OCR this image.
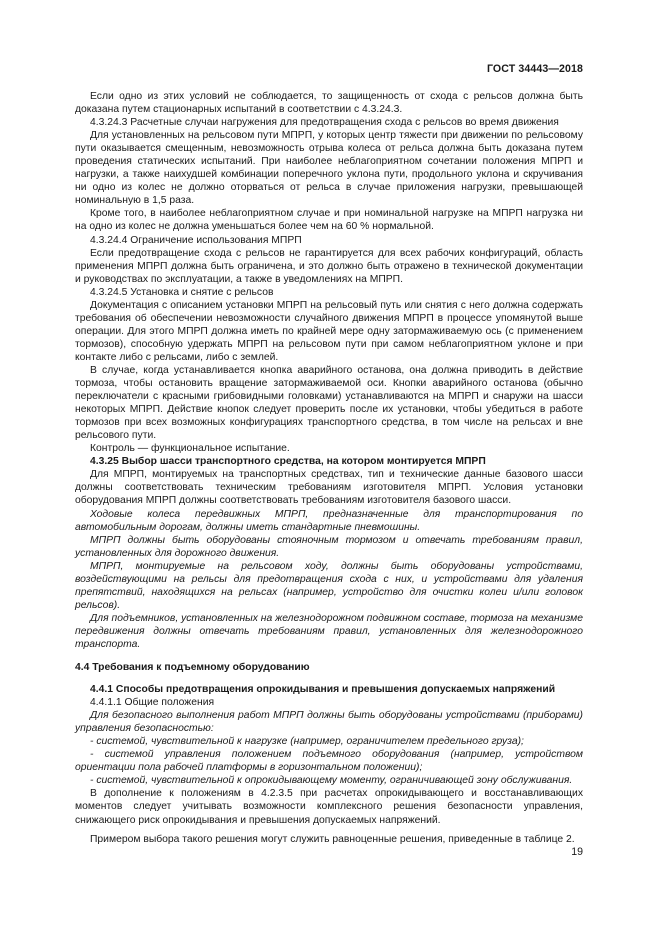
ГОСТ 34443—2018

Если одно из этих условий не соблюдается, то защищенность от схода с рельсов должна быть доказана путем стационарных испытаний в соответствии с 4.3.24.3.

4.3.24.3 Расчетные случаи нагружения для предотвращения схода с рельсов во время движения

Для установленных на рельсовом пути МПРП, у которых центр тяжести при движении по рельсовому пути оказывается смещенным, невозможность отрыва колеса от рельса должна быть доказана путем проведения статических испытаний. При наиболее неблагоприятном сочетании положения МПРП и нагрузки, а также наихудшей комбинации поперечного уклона пути, продольного уклона и скручивания ни одно из колес не должно оторваться от рельса в случае приложения нагрузки, превышающей номинальную в 1,5 раза.

Кроме того, в наиболее неблагоприятном случае и при номинальной нагрузке на МПРП нагрузка ни на одно из колес не должна уменьшаться более чем на 60 % нормальной.

4.3.24.4 Ограничение использования МПРП

Если предотвращение схода с рельсов не гарантируется для всех рабочих конфигураций, область применения МПРП должна быть ограничена, и это должно быть отражено в технической документации и руководствах по эксплуатации, а также в уведомлениях на МПРП.

4.3.24.5 Установка и снятие с рельсов

Документация с описанием установки МПРП на рельсовый путь или снятия с него должна содержать требования об обеспечении невозможности случайного движения МПРП в процессе упомянутой выше операции. Для этого МПРП должна иметь по крайней мере одну затормаживаемую ось (с применением тормозов), способную удержать МПРП на рельсовом пути при самом неблагоприятном уклоне и при контакте либо с рельсами, либо с землей.

В случае, когда устанавливается кнопка аварийного останова, она должна приводить в действие тормоза, чтобы остановить вращение затормаживаемой оси. Кнопки аварийного останова (обычно переключатели с красными грибовидными головками) устанавливаются на МПРП и снаружи на шасси некоторых МПРП. Действие кнопок следует проверить после их установки, чтобы убедиться в работе тормозов при всех возможных конфигурациях транспортного средства, в том числе на рельсах и вне рельсового пути.

Контроль — функциональное испытание.

4.3.25 Выбор шасси транспортного средства, на котором монтируется МПРП

Для МПРП, монтируемых на транспортных средствах, тип и технические данные базового шасси должны соответствовать техническим требованиям изготовителя МПРП. Условия установки оборудования МПРП должны соответствовать требованиям изготовителя базового шасси.

Ходовые колеса передвижных МПРП, предназначенные для транспортирования по автомобильным дорогам, должны иметь стандартные пневмошины.

МПРП должны быть оборудованы стояночным тормозом и отвечать требованиям правил, установленных для дорожного движения.

МПРП, монтируемые на рельсовом ходу, должны быть оборудованы устройствами, воздействующими на рельсы для предотвращения схода с них, и устройствами для удаления препятствий, находящихся на рельсах (например, устройство для очистки колеи и/или головок рельсов).

Для подъемников, установленных на железнодорожном подвижном составе, тормоза на механизме передвижения должны отвечать требованиям правил, установленных для железнодорожного транспорта.

4.4 Требования к подъемному оборудованию

4.4.1 Способы предотвращения опрокидывания и превышения допускаемых напряжений

4.4.1.1 Общие положения

Для безопасного выполнения работ МПРП должны быть оборудованы устройствами (приборами) управления безопасностью:

- системой, чувствительной к нагрузке (например, ограничителем предельного груза);

- системой управления положением подъемного оборудования (например, устройством ориентации пола рабочей платформы в горизонтальном положении);

- системой, чувствительной к опрокидывающему моменту, ограничивающей зону обслуживания.

В дополнение к положениям в 4.2.3.5 при расчетах опрокидывающего и восстанавливающих моментов следует учитывать возможности комплексного решения безопасности управления, снижающего риск опрокидывания и превышения допускаемых напряжений.

Примером выбора такого решения могут служить равноценные решения, приведенные в таблице 2.

19
